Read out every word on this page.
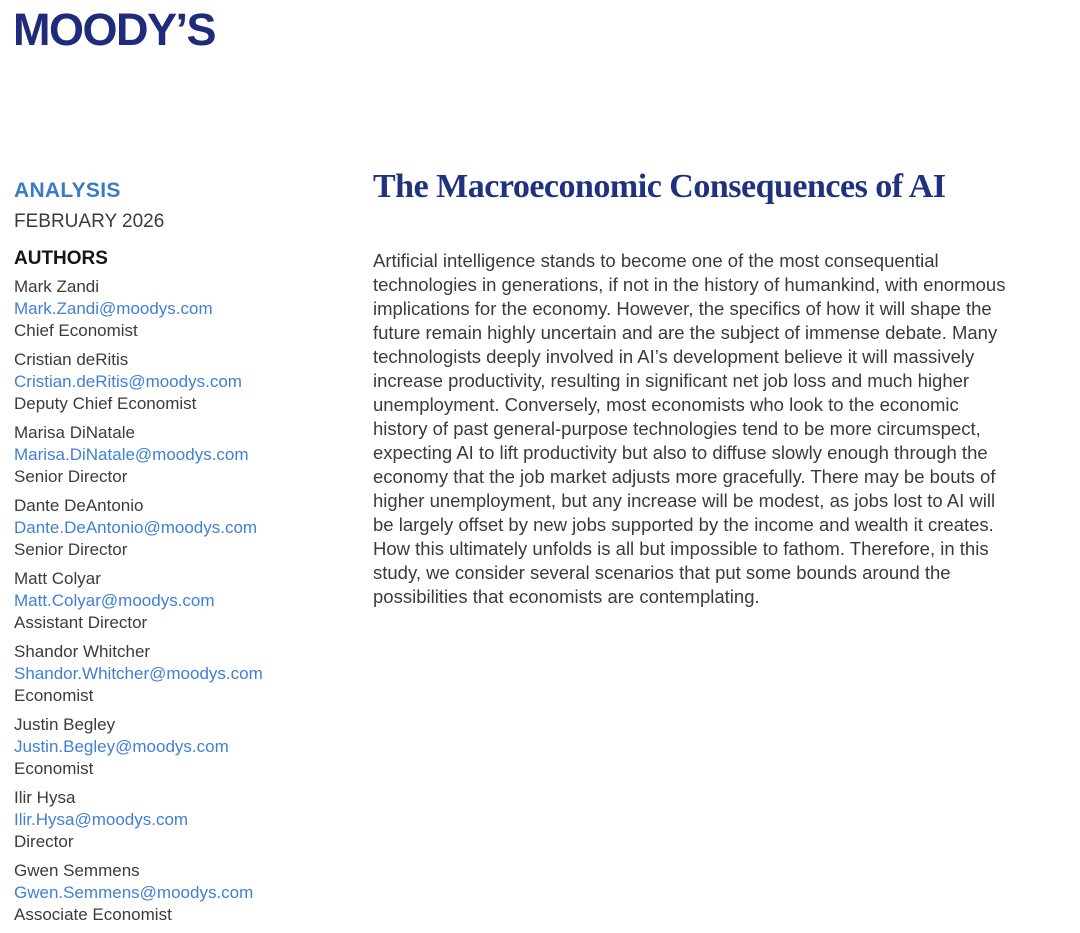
MOODY’S
ANALYSIS
FEBRUARY 2026
AUTHORS
Mark Zandi
Mark.Zandi@moodys.com
Chief Economist
Cristian deRitis
Cristian.deRitis@moodys.com
Deputy Chief Economist
Marisa DiNatale
Marisa.DiNatale@moodys.com
Senior Director
Dante DeAntonio
Dante.DeAntonio@moodys.com
Senior Director
Matt Colyar
Matt.Colyar@moodys.com
Assistant Director
Shandor Whitcher
Shandor.Whitcher@moodys.com
Economist
Justin Begley
Justin.Begley@moodys.com
Economist
Ilir Hysa
Ilir.Hysa@moodys.com
Director
Gwen Semmens
Gwen.Semmens@moodys.com
Associate Economist
The Macroeconomic Consequences of AI

Artificial intelligence stands to become one of the most consequential technologies in generations, if not in the history of humankind, with enormous implications for the economy. However, the specifics of how it will shape the future remain highly uncertain and are the subject of immense debate. Many technologists deeply involved in AI’s development believe it will massively increase productivity, resulting in significant net job loss and much higher unemployment. Conversely, most economists who look to the economic history of past general-purpose technologies tend to be more circumspect, expecting AI to lift productivity but also to diffuse slowly enough through the economy that the job market adjusts more gracefully. There may be bouts of higher unemployment, but any increase will be modest, as jobs lost to AI will be largely offset by new jobs supported by the income and wealth it creates. How this ultimately unfolds is all but impossible to fathom. Therefore, in this study, we consider several scenarios that put some bounds around the possibilities that economists are contemplating.
